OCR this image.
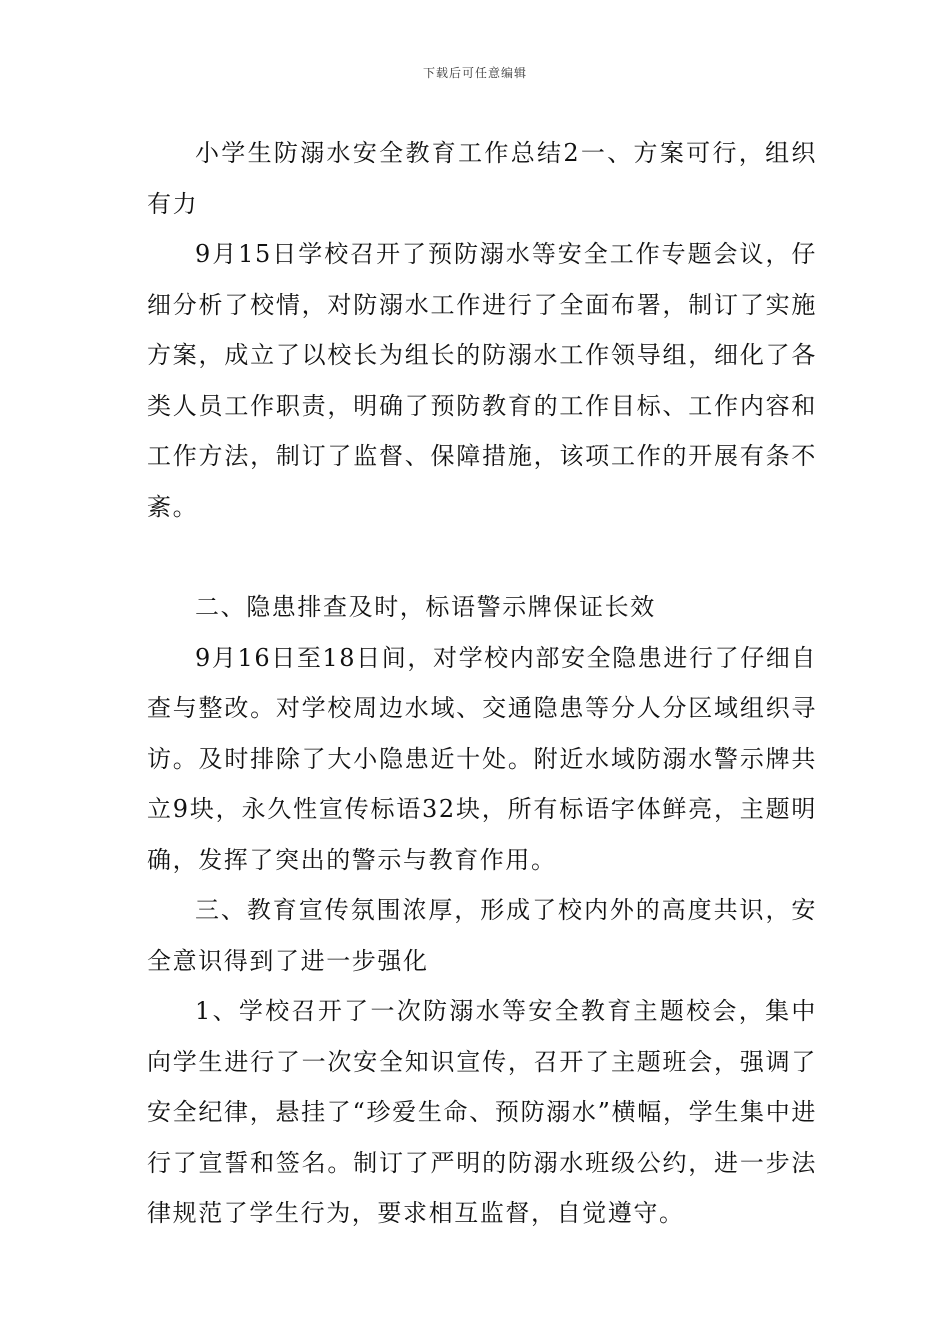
下载后可任意编辑

小学生防溺水安全教育工作总结2一、方案可行，组织有力

9月15日学校召开了预防溺水等安全工作专题会议，仔细分析了校情，对防溺水工作进行了全面布署，制订了实施方案，成立了以校长为组长的防溺水工作领导组，细化了各类人员工作职责，明确了预防教育的工作目标、工作内容和工作方法，制订了监督、保障措施，该项工作的开展有条不紊。

二、隐患排查及时，标语警示牌保证长效

9月16日至18日间，对学校内部安全隐患进行了仔细自查与整改。对学校周边水域、交通隐患等分人分区域组织寻访。及时排除了大小隐患近十处。附近水域防溺水警示牌共立9块，永久性宣传标语32块，所有标语字体鲜亮，主题明确，发挥了突出的警示与教育作用。

三、教育宣传氛围浓厚，形成了校内外的高度共识，安全意识得到了进一步强化

1、学校召开了一次防溺水等安全教育主题校会，集中向学生进行了一次安全知识宣传，召开了主题班会，强调了安全纪律，悬挂了“珍爱生命、预防溺水”横幅，学生集中进行了宣誓和签名。制订了严明的防溺水班级公约，进一步法律规范了学生行为，要求相互监督，自觉遵守。
